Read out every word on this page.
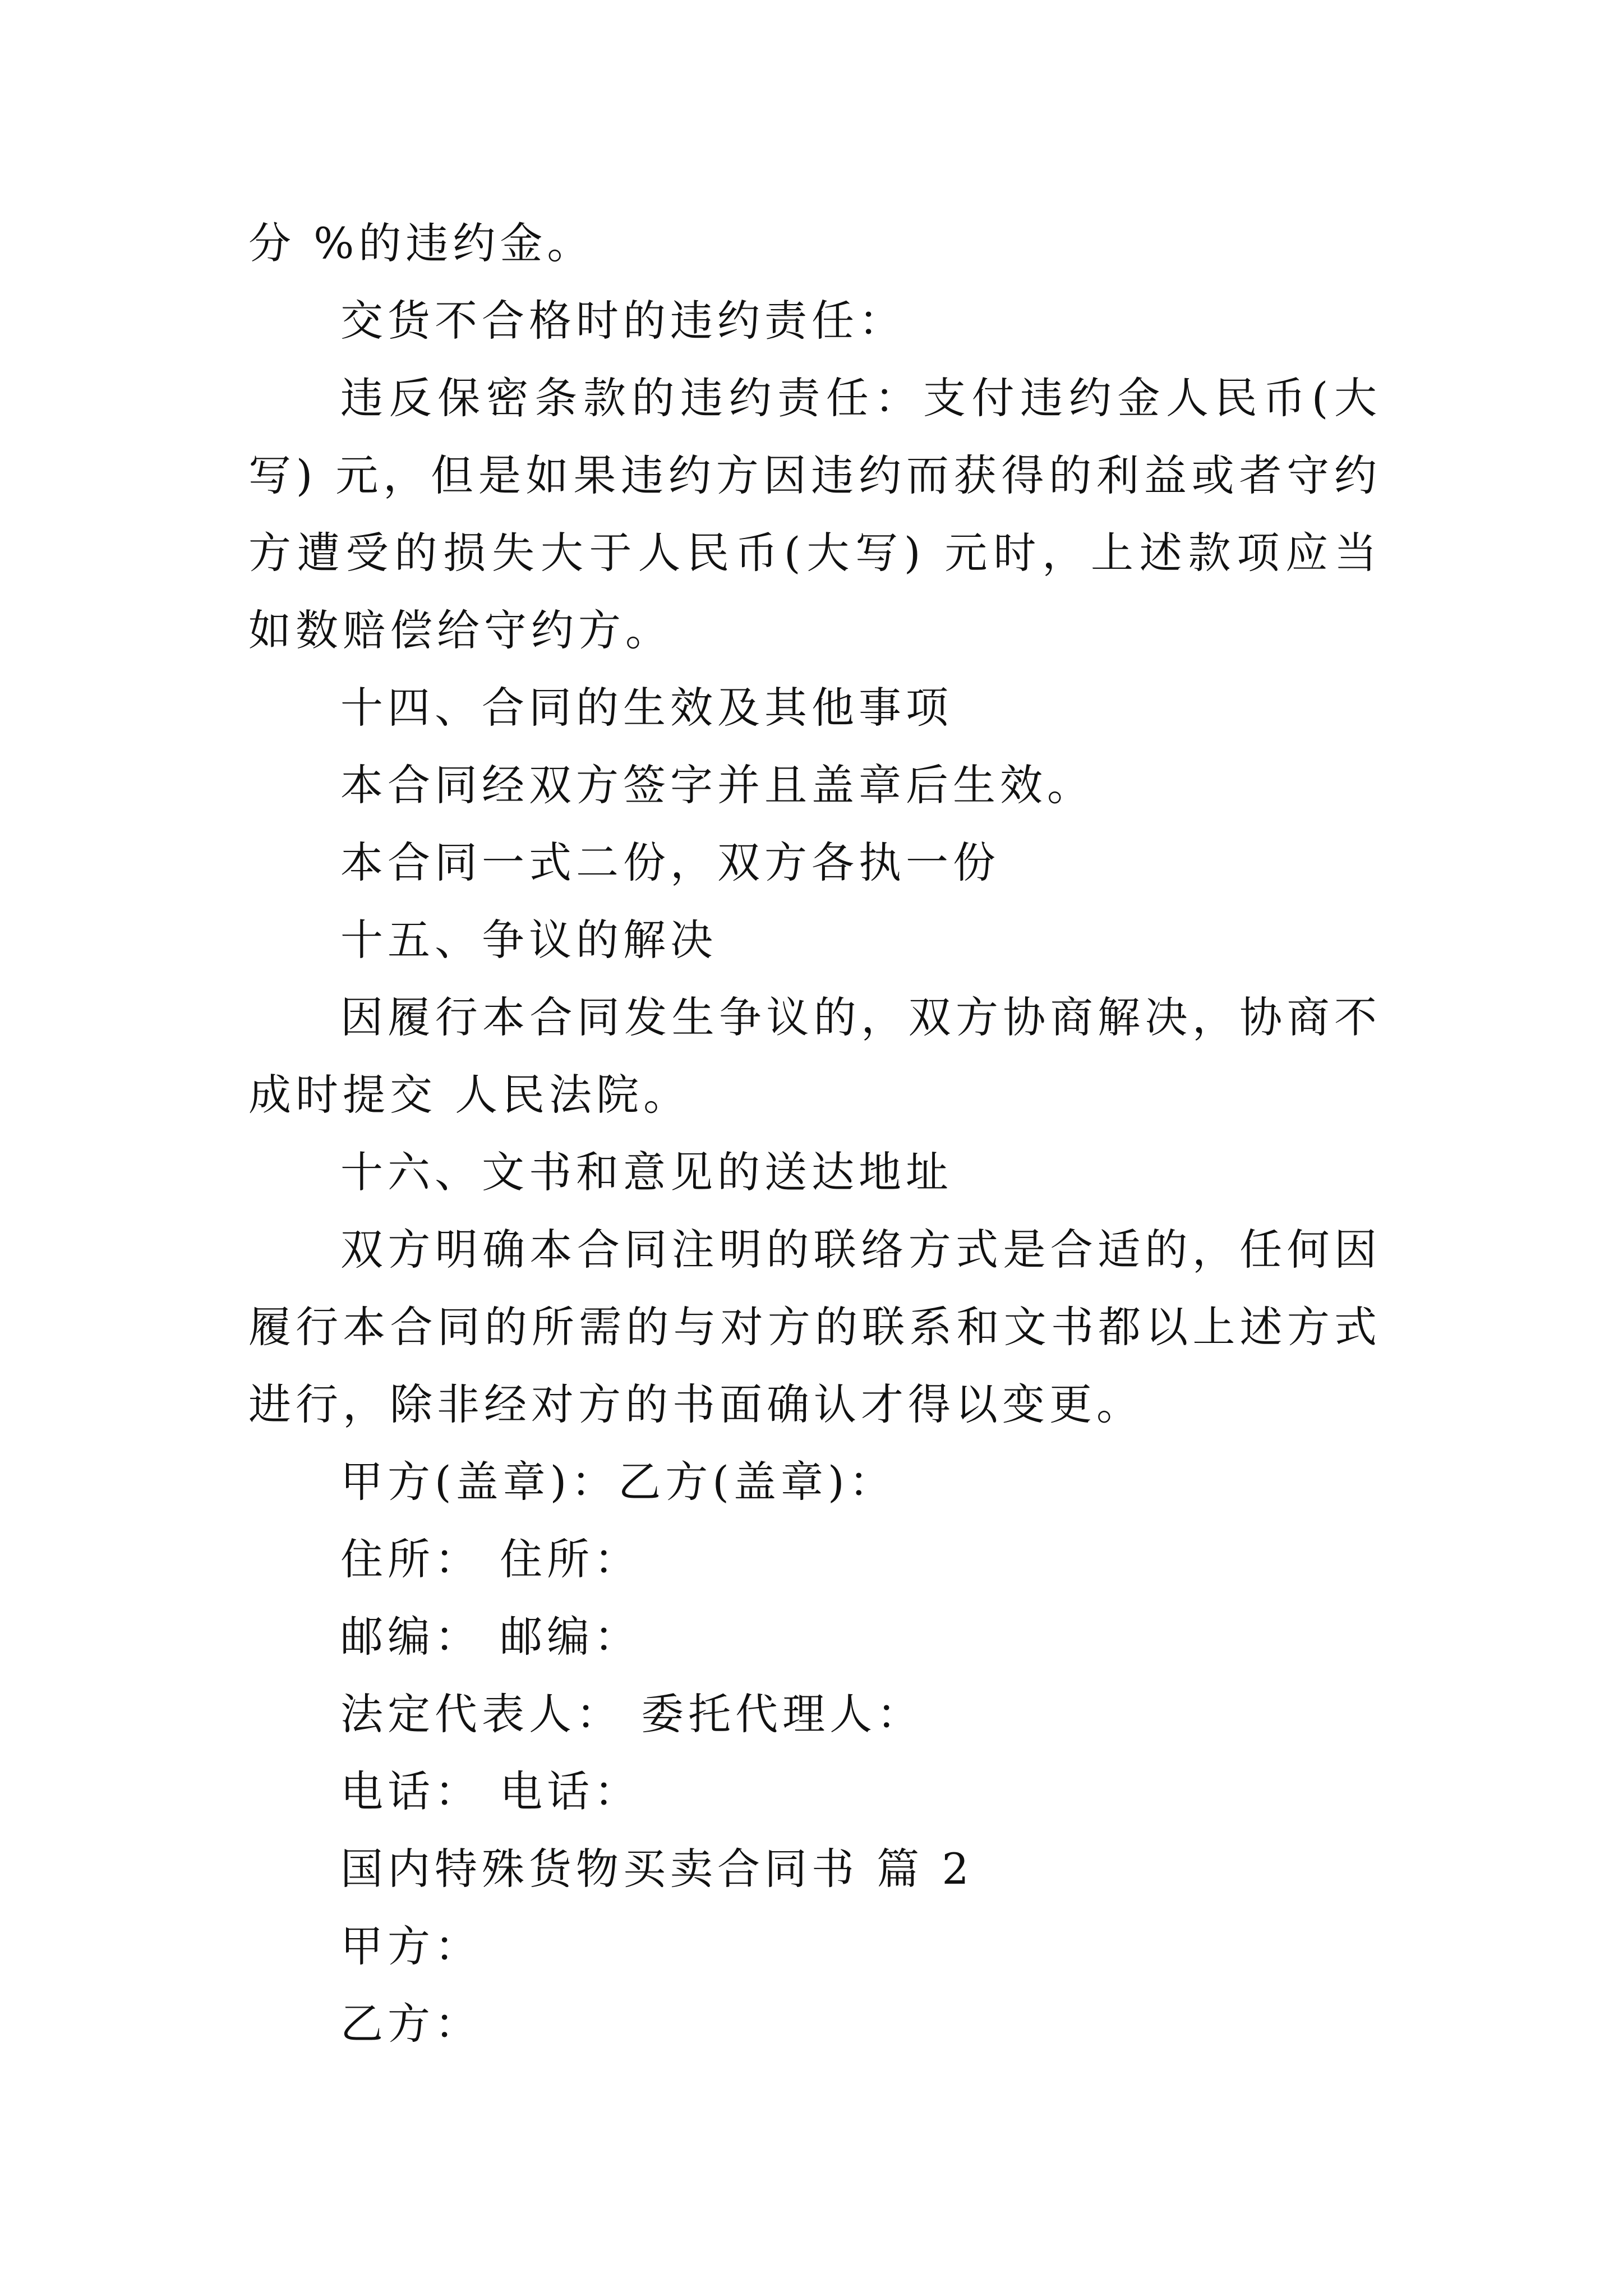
分 %的违约金。

交货不合格时的违约责任：

违反保密条款的违约责任：支付违约金人民币(大写) 元，但是如果违约方因违约而获得的利益或者守约方遭受的损失大于人民币(大写) 元时，上述款项应当如数赔偿给守约方。

十四、合同的生效及其他事项

本合同经双方签字并且盖章后生效。

本合同一式二份，双方各执一份

十五、争议的解决

因履行本合同发生争议的，双方协商解决，协商不成时提交 人民法院。

十六、文书和意见的送达地址

双方明确本合同注明的联络方式是合适的，任何因履行本合同的所需的与对方的联系和文书都以上述方式进行，除非经对方的书面确认才得以变更。

甲方(盖章)：乙方(盖章)：

住所： 住所：

邮编： 邮编：

法定代表人： 委托代理人：

电话： 电话：

国内特殊货物买卖合同书 篇 2

甲方：

乙方：
